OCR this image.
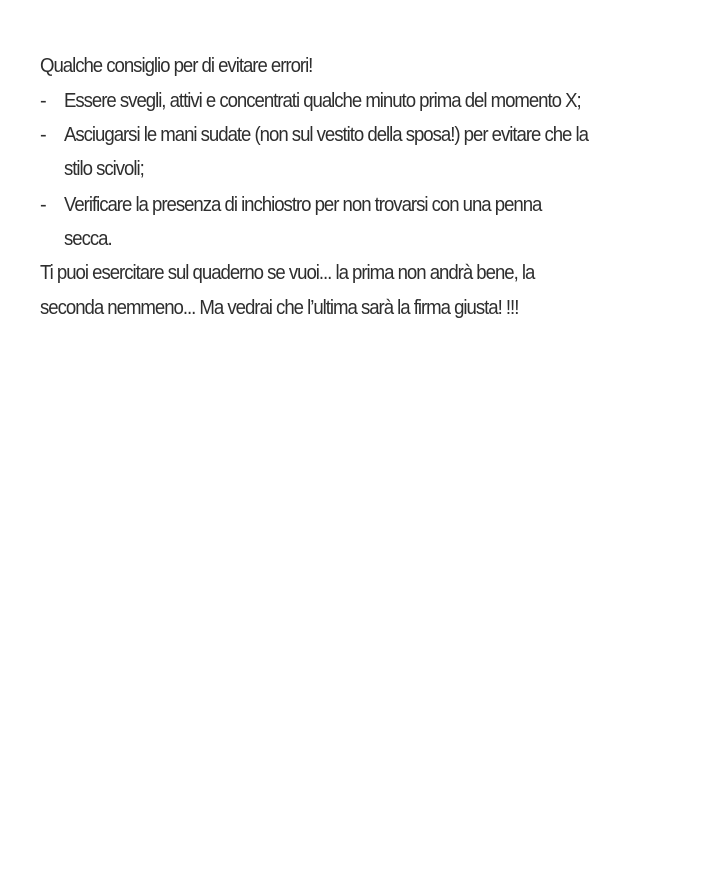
Qualche consiglio per di evitare errori!
- Essere svegli, attivi e concentrati qualche minuto prima del momento X;
- Asciugarsi le mani sudate (non sul vestito della sposa!) per evitare che la
stilo scivoli;
- Verificare la presenza di inchiostro per non trovarsi con una penna
secca.
Ti puoi esercitare sul quaderno se vuoi... la prima non andrà bene, la
seconda nemmeno... Ma vedrai che l’ultima sarà la firma giusta! !!!
